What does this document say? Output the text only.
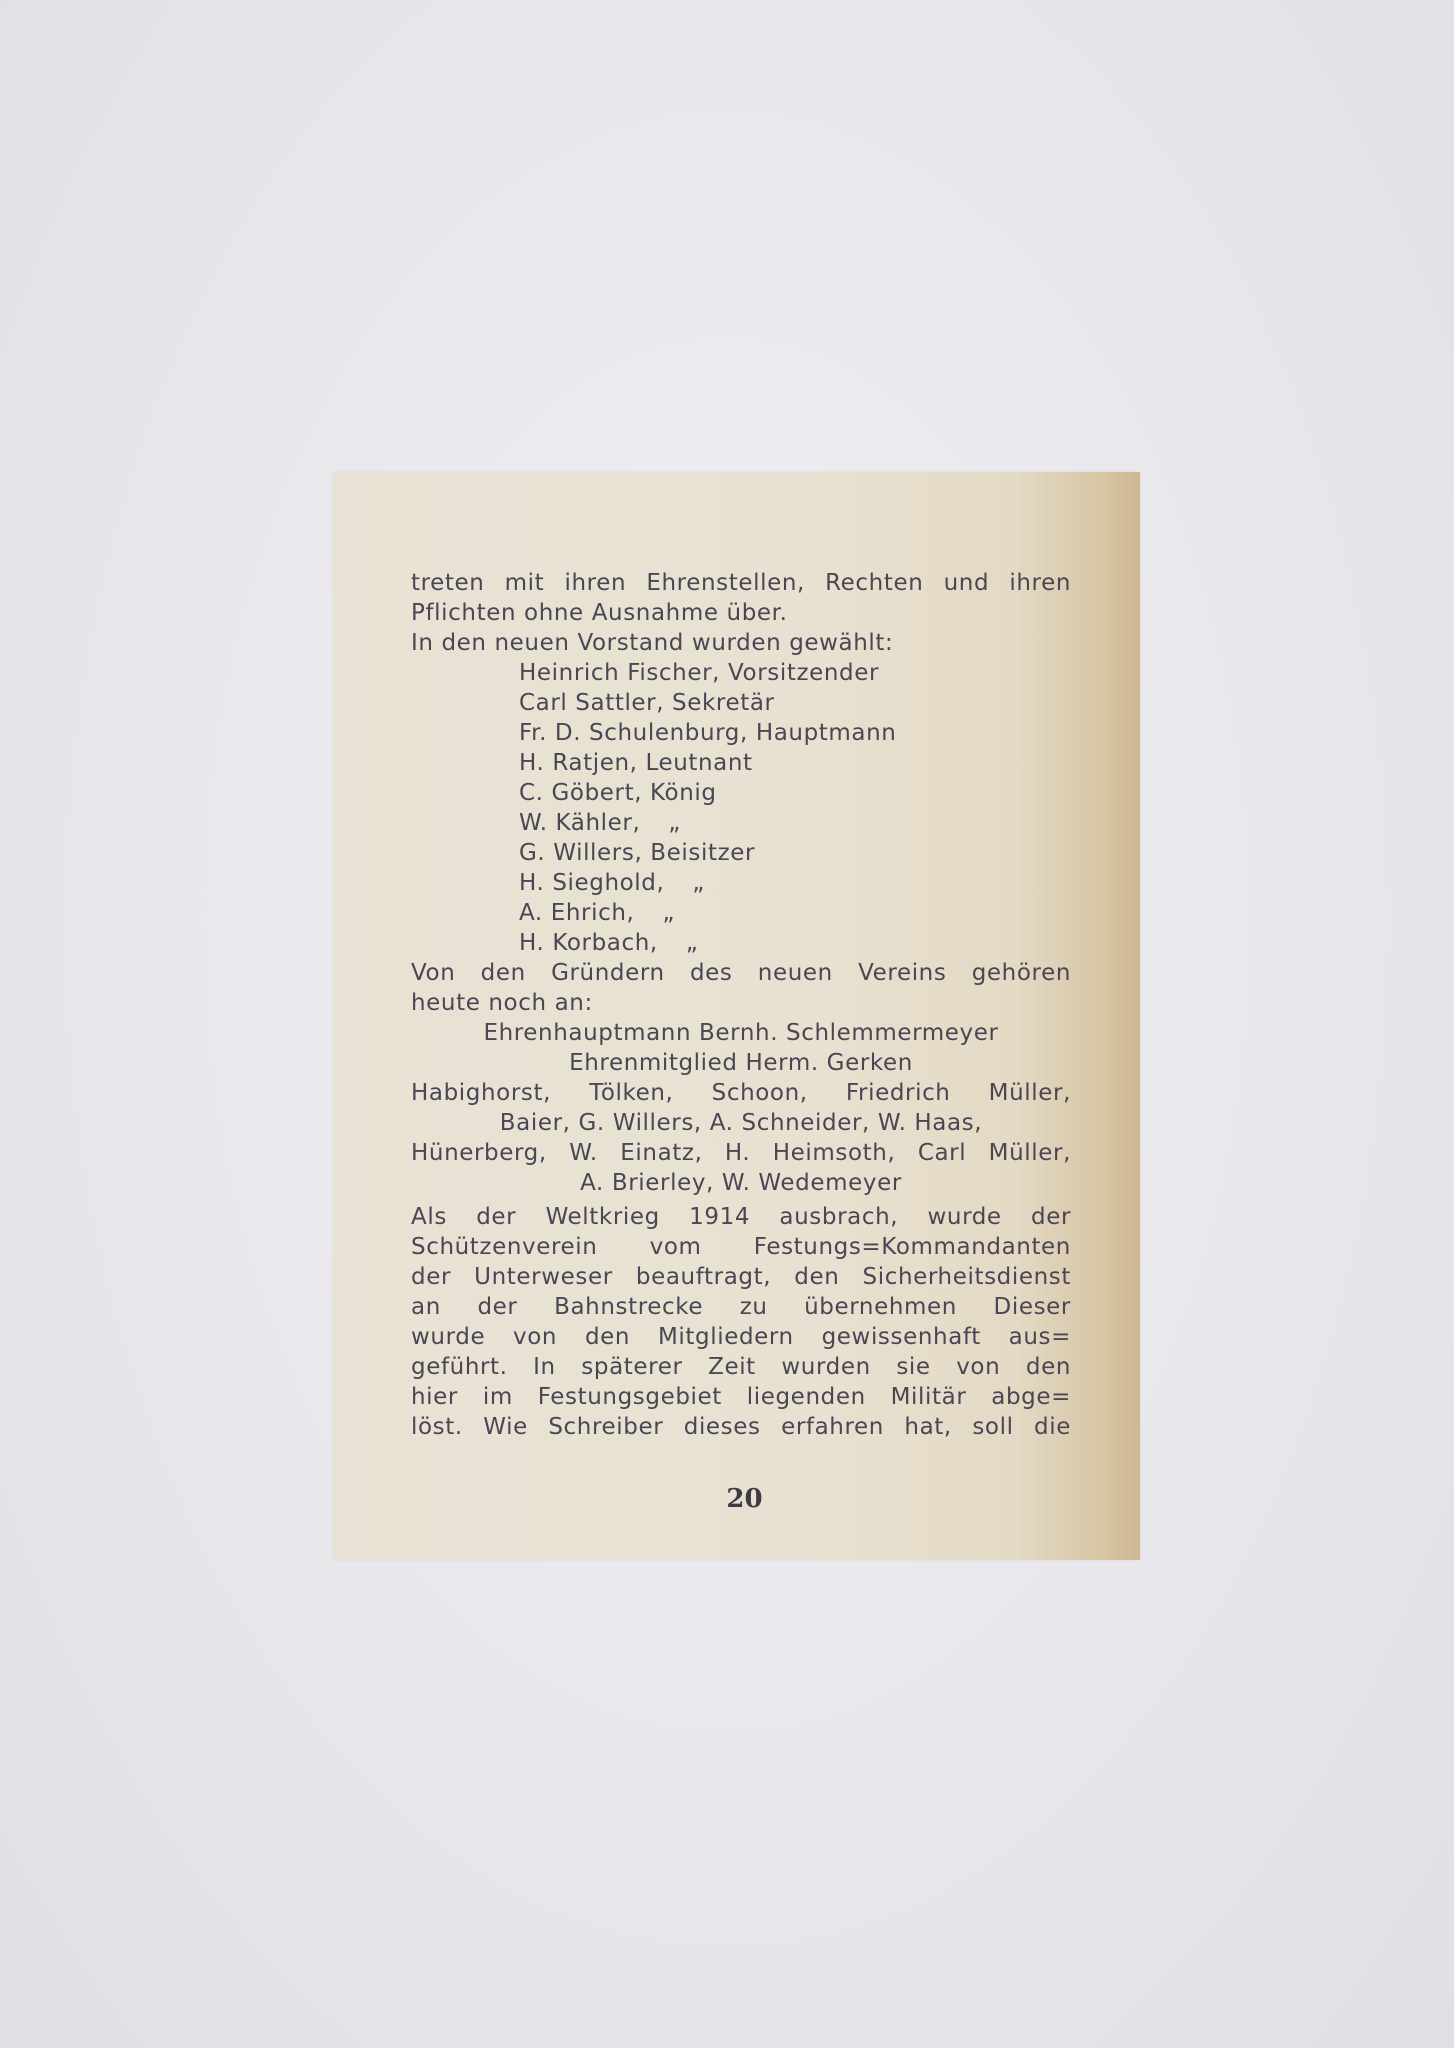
treten mit ihren Ehrenstellen, Rechten und ihren
Pflichten ohne Ausnahme über.
In den neuen Vorstand wurden gewählt:
Heinrich Fischer, Vorsitzender
Carl Sattler, Sekretär
Fr. D. Schulenburg, Hauptmann
H. Ratjen, Leutnant
C. Göbert, König
W. Kähler, „
G. Willers, Beisitzer
H. Sieghold, „
A. Ehrich, „
H. Korbach, „
Von den Gründern des neuen Vereins gehören
heute noch an:
Ehrenhauptmann Bernh. Schlemmermeyer
Ehrenmitglied Herm. Gerken
Habighorst, Tölken, Schoon, Friedrich Müller,
Baier, G. Willers, A. Schneider, W. Haas,
Hünerberg, W. Einatz, H. Heimsoth, Carl Müller,
A. Brierley, W. Wedemeyer
Als der Weltkrieg 1914 ausbrach, wurde der
Schützenverein vom Festungs=Kommandanten
der Unterweser beauftragt, den Sicherheitsdienst
an der Bahnstrecke zu übernehmen Dieser
wurde von den Mitgliedern gewissenhaft aus=
geführt. In späterer Zeit wurden sie von den
hier im Festungsgebiet liegenden Militär abge=
löst. Wie Schreiber dieses erfahren hat, soll die
20
